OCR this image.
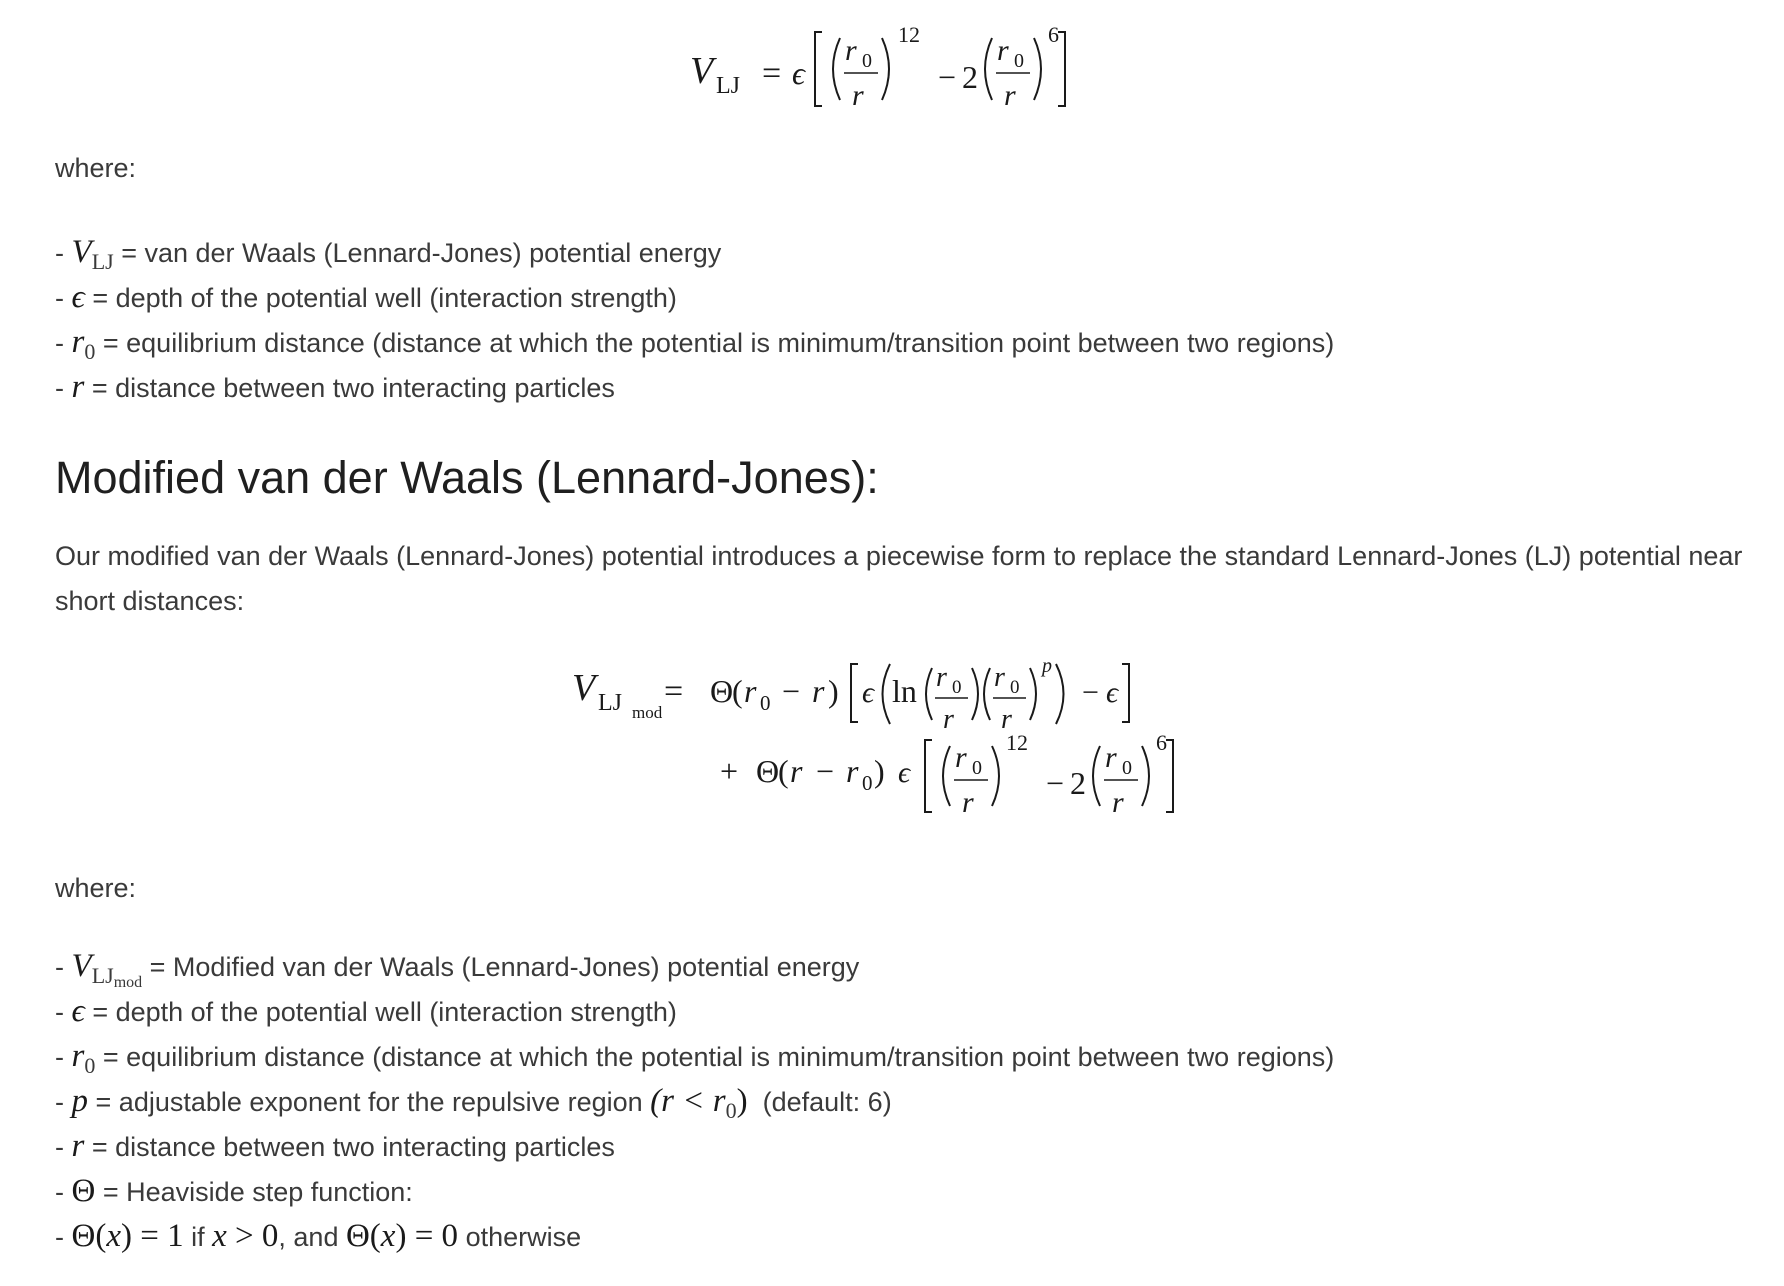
V LJ = ϵ
r 0
r
12
− 2
r 0
r
6
where:
- $V_{LJ}$ = van der Waals (Lennard-Jones) potential energy
- ϵ = depth of the potential well (interaction strength)
- $r_0$ = equilibrium distance (distance at which the potential is minimum/transition point between two regions)
- r = distance between two interacting particles
Modified van der Waals (Lennard-Jones):
Our modified van der Waals (Lennard-Jones) potential introduces a piecewise form to replace the standard Lennard-Jones (LJ) potential near short distances:
V LJ mod
= Θ
( r 0 − r ) ϵ ln r 0
r
r 0
r
p
− ϵ
+ Θ
( r − r 0 ) ϵ r 0
r
12
− 2
r 0
r
6
where:
- $V_{LJmod}$ = Modified van der Waals (Lennard-Jones) potential energy
- ϵ = depth of the potential well (interaction strength)
- $r_0$ = equilibrium distance (distance at which the potential is minimum/transition point between two regions)
- p = adjustable exponent for the repulsive region $(r < r_0)$  (default: 6)
- r = distance between two interacting particles
- Θ = Heaviside step function:
- Θ(x) = 1 if x > 0, and Θ(x) = 0 otherwise
